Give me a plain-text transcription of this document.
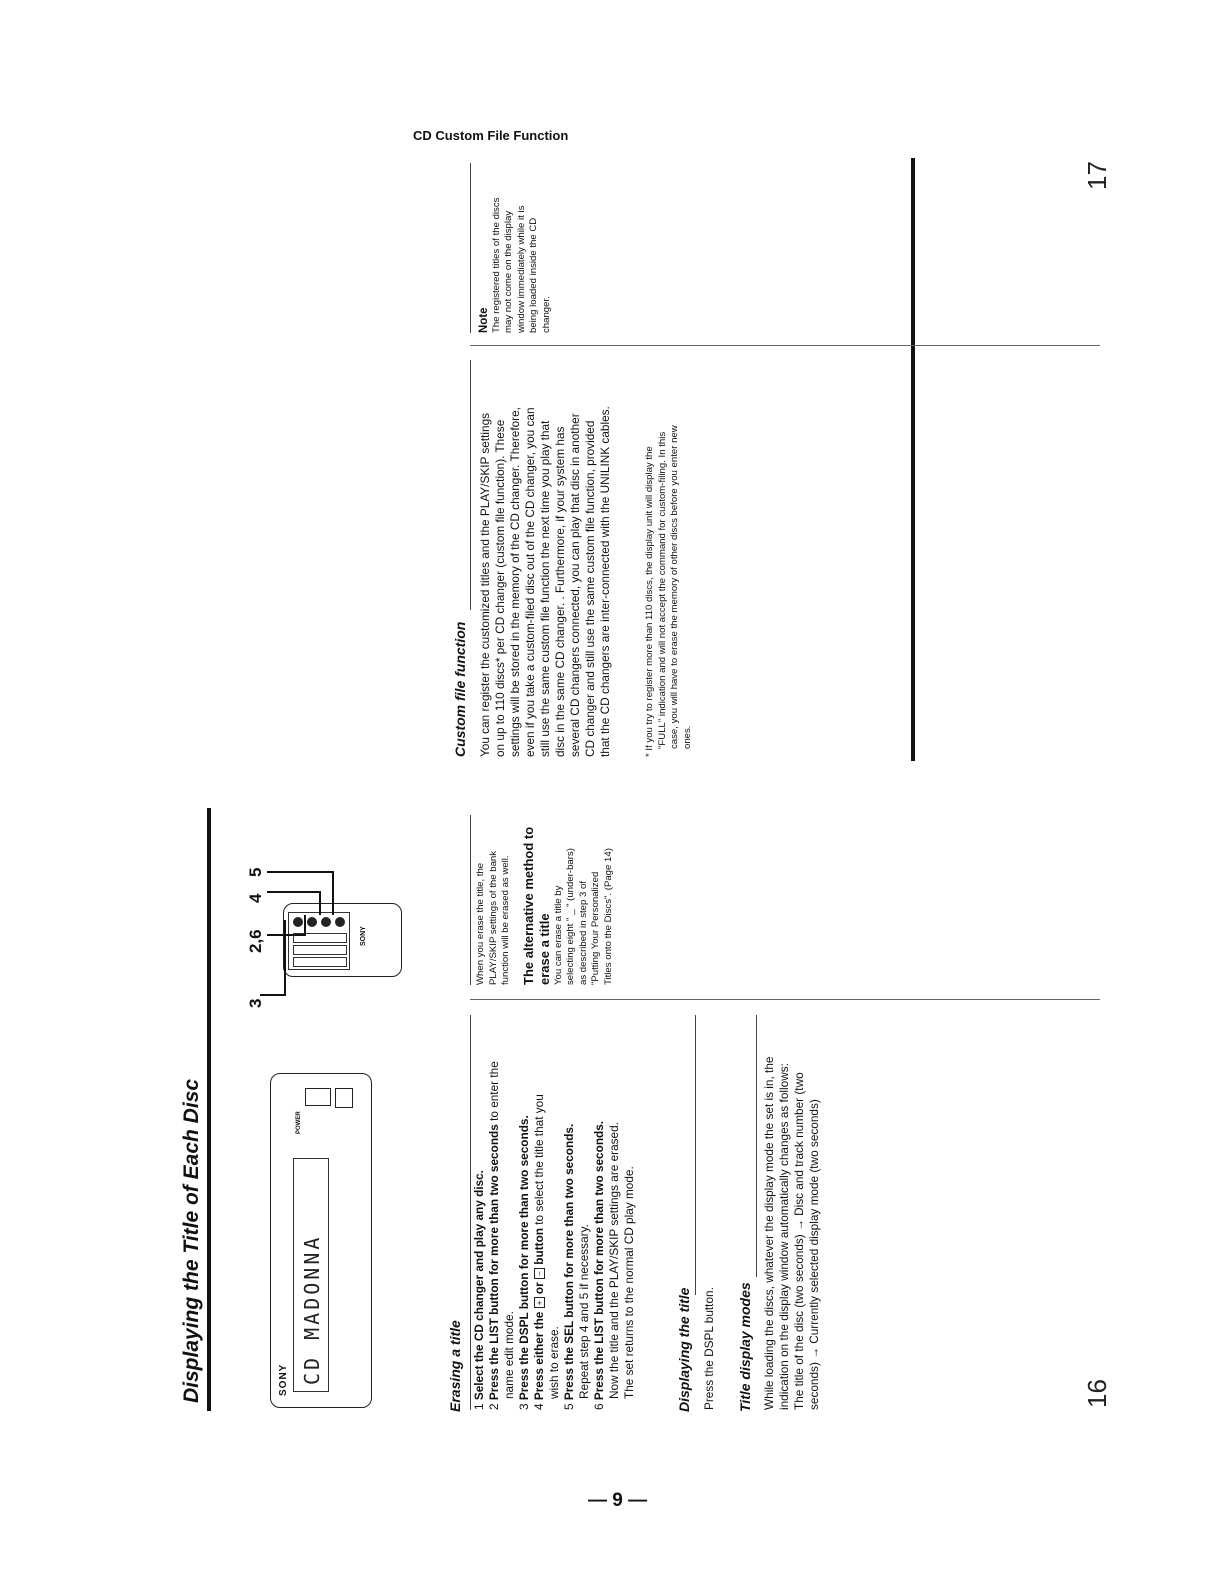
CD Custom File Function
Displaying the Title of Each Disc	SONY CD MADONNA
POWER
SONY
3
2,6
4
5
Erasing a title 1 Select the CD changer and play any disc.

2 Press the LIST button for more than two seconds to enter the

name edit mode.

3 Press the DSPL button for more than two seconds.

4 Press either the + or − button to select the title that you

wish to erase.

5 Press the SEL button for more than two seconds. Repeat step 4 and 5 if necessary.

6 Press the LIST button for more than two seconds. Now the title and the PLAY/SKIP settings are erased. The set returns to the normal CD play mode.	Displaying the title Press the DSPL button. Title display modes While loading the discs, whatever the display mode the set is in, the indication on the display window automatically changes as follows: The title of the disc (two seconds) → Disc and track number (two seconds) → Currently selected display mode (two seconds)

When you erase the title, the PLAY/SKIP settings of the bank function will be erased as well. The alternative method to erase a title You can erase a title by selecting eight " _ " (under-bars) as described in step 3 of "Putting Your Personalized Titles onto the Discs". (Page 14)

Custom file function You can register the customized titles and the PLAY/SKIP settings on up to 110 discs* per CD changer (custom file function). These settings will be stored in the memory of the CD changer. Therefore, even if you take a custom-filed disc out of the CD changer, you can still use the same custom file function the next time you play that disc in the same CD changer. . Furthermore, if your system has several CD changers connected, you can play that disc in another CD changer and still use the same custom file function, provided that the CD changers are inter-connected with the UNILINK cables.	* If you try to register more than 110 discs, the display unit will display the "FULL" indication and will not accept the command for custom-filing. In this case, you will have to erase the memory of other discs before you enter new ones.

Note The registered titles of the discs may not come on the display window immediately while it is being loaded inside the CD changer.

16
17
— 9 —
